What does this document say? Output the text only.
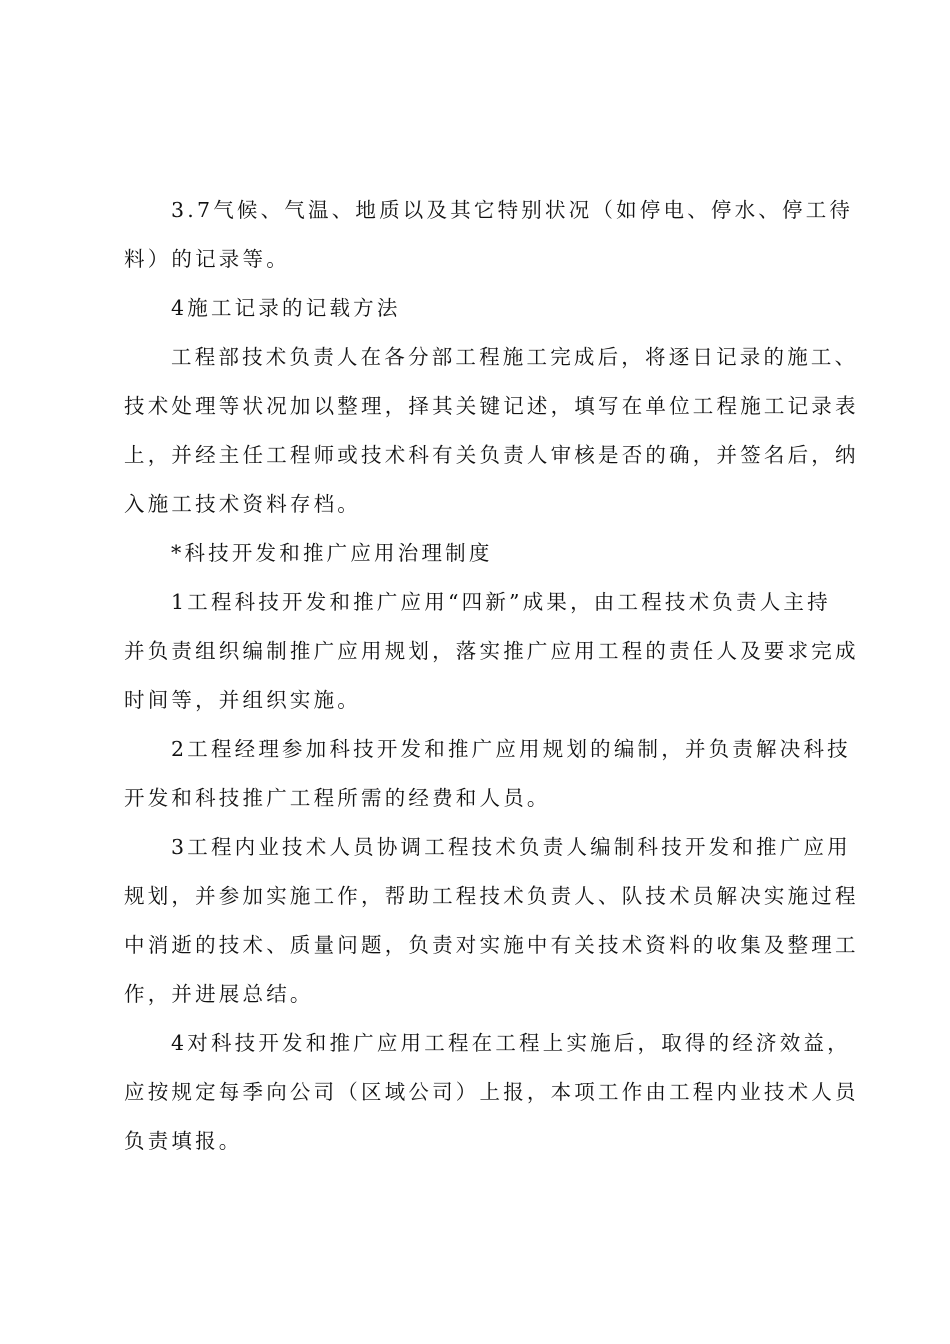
3.7气候、气温、地质以及其它特别状况（如停电、停水、停工待
料）的记录等。

4施工记录的记载方法

工程部技术负责人在各分部工程施工完成后，将逐日记录的施工、
技术处理等状况加以整理，择其关键记述，填写在单位工程施工记录表
上，并经主任工程师或技术科有关负责人审核是否的确，并签名后，纳
入施工技术资料存档。

*科技开发和推广应用治理制度

1工程科技开发和推广应用“四新”成果，由工程技术负责人主持
并负责组织编制推广应用规划，落实推广应用工程的责任人及要求完成
时间等，并组织实施。

2工程经理参加科技开发和推广应用规划的编制，并负责解决科技
开发和科技推广工程所需的经费和人员。

3工程内业技术人员协调工程技术负责人编制科技开发和推广应用
规划，并参加实施工作，帮助工程技术负责人、队技术员解决实施过程
中消逝的技术、质量问题，负责对实施中有关技术资料的收集及整理工
作，并进展总结。

4对科技开发和推广应用工程在工程上实施后，取得的经济效益，
应按规定每季向公司（区域公司）上报，本项工作由工程内业技术人员
负责填报。
